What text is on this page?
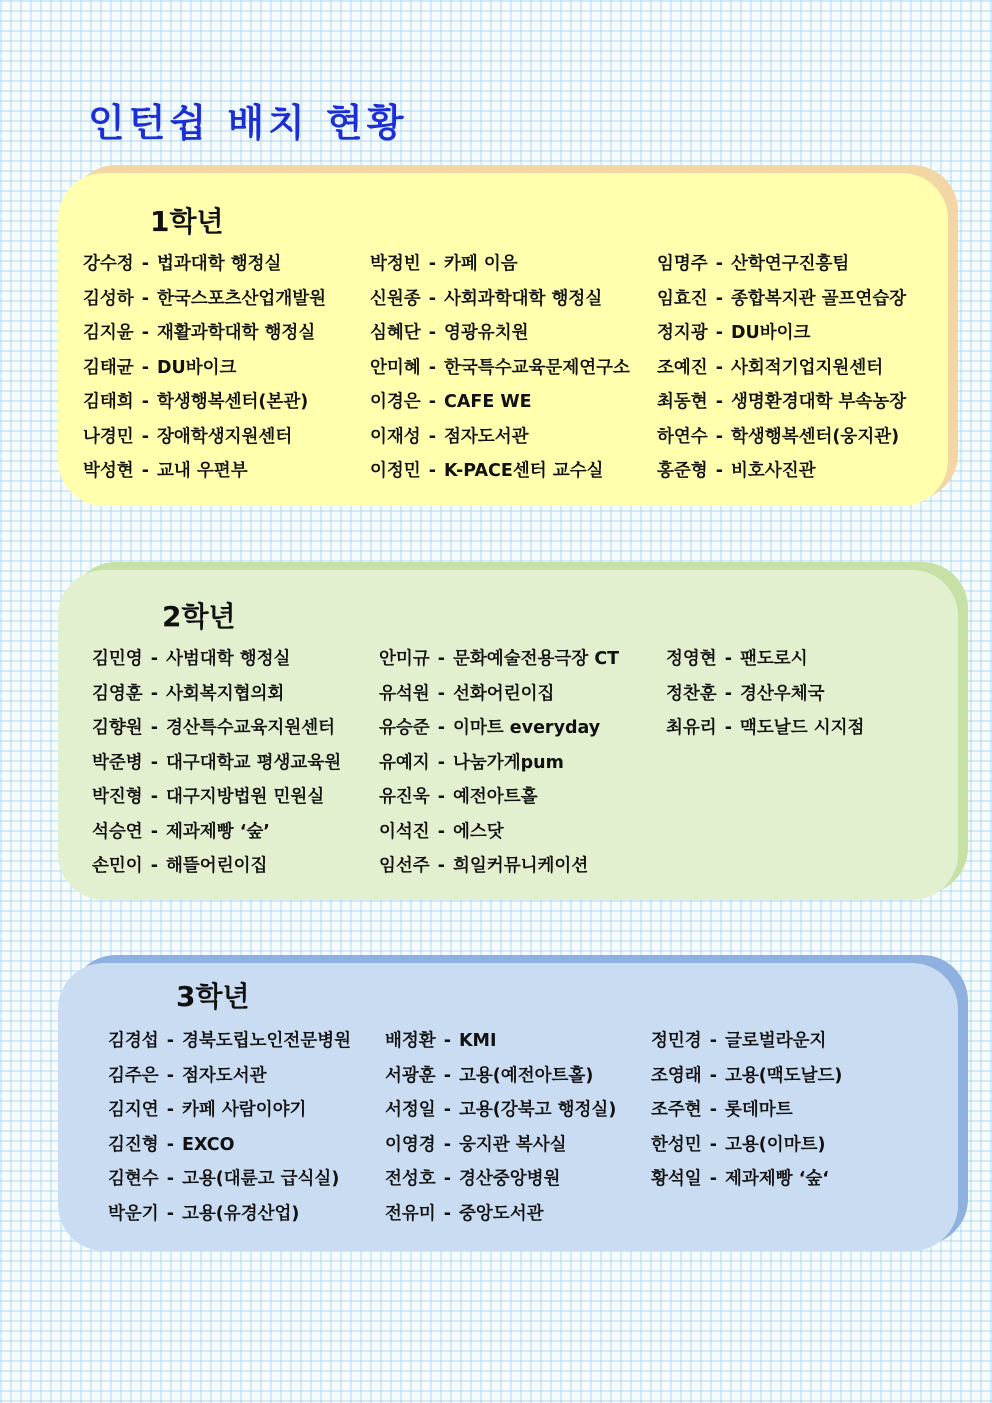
인턴쉽 배치 현황
1학년
강수정 - 법과대학 행정실
김성하 - 한국스포츠산업개발원
김지윤 - 재활과학대학 행정실
김태균 - DU바이크
김태희 - 학생행복센터(본관)
나경민 - 장애학생지원센터
박성현 - 교내 우편부
박정빈 - 카페 이음
신원종 - 사회과학대학 행정실
심혜단 - 영광유치원
안미혜 - 한국특수교육문제연구소
이경은 - CAFE WE
이재성 - 점자도서관
이정민 - K-PACE센터 교수실
임명주 - 산학연구진흥팀
임효진 - 종합복지관 골프연습장
정지광 - DU바이크
조예진 - 사회적기업지원센터
최동현 - 생명환경대학 부속농장
하연수 - 학생행복센터(웅지관)
홍준형 - 비호사진관
2학년
김민영 - 사범대학 행정실
김영훈 - 사회복지협의회
김향원 - 경산특수교육지원센터
박준병 - 대구대학교 평생교육원
박진형 - 대구지방법원 민원실
석승연 - 제과제빵 ‘숲’
손민이 - 해뜰어린이집
안미규 - 문화예술전용극장 CT
유석원 - 선화어린이집
유승준 - 이마트 everyday
유예지 - 나눔가게pum
유진욱 - 예전아트홀
이석진 - 에스닷
임선주 - 희일커뮤니케이션
정영현 - 팬도로시
정찬훈 - 경산우체국
최유리 - 맥도날드 시지점
3학년
김경섭 - 경북도립노인전문병원
김주은 - 점자도서관
김지연 - 카페 사람이야기
김진형 - EXCO
김현수 - 고용(대륜고 급식실)
박운기 - 고용(유경산업)
배정환 - KMI
서광훈 - 고용(예전아트홀)
서정일 - 고용(강북고 행정실)
이영경 - 웅지관 복사실
전성호 - 경산중앙병원
전유미 - 중앙도서관
정민경 - 글로벌라운지
조영래 - 고용(맥도날드)
조주현 - 롯데마트
한성민 - 고용(이마트)
황석일 - 제과제빵 ‘숲‘
